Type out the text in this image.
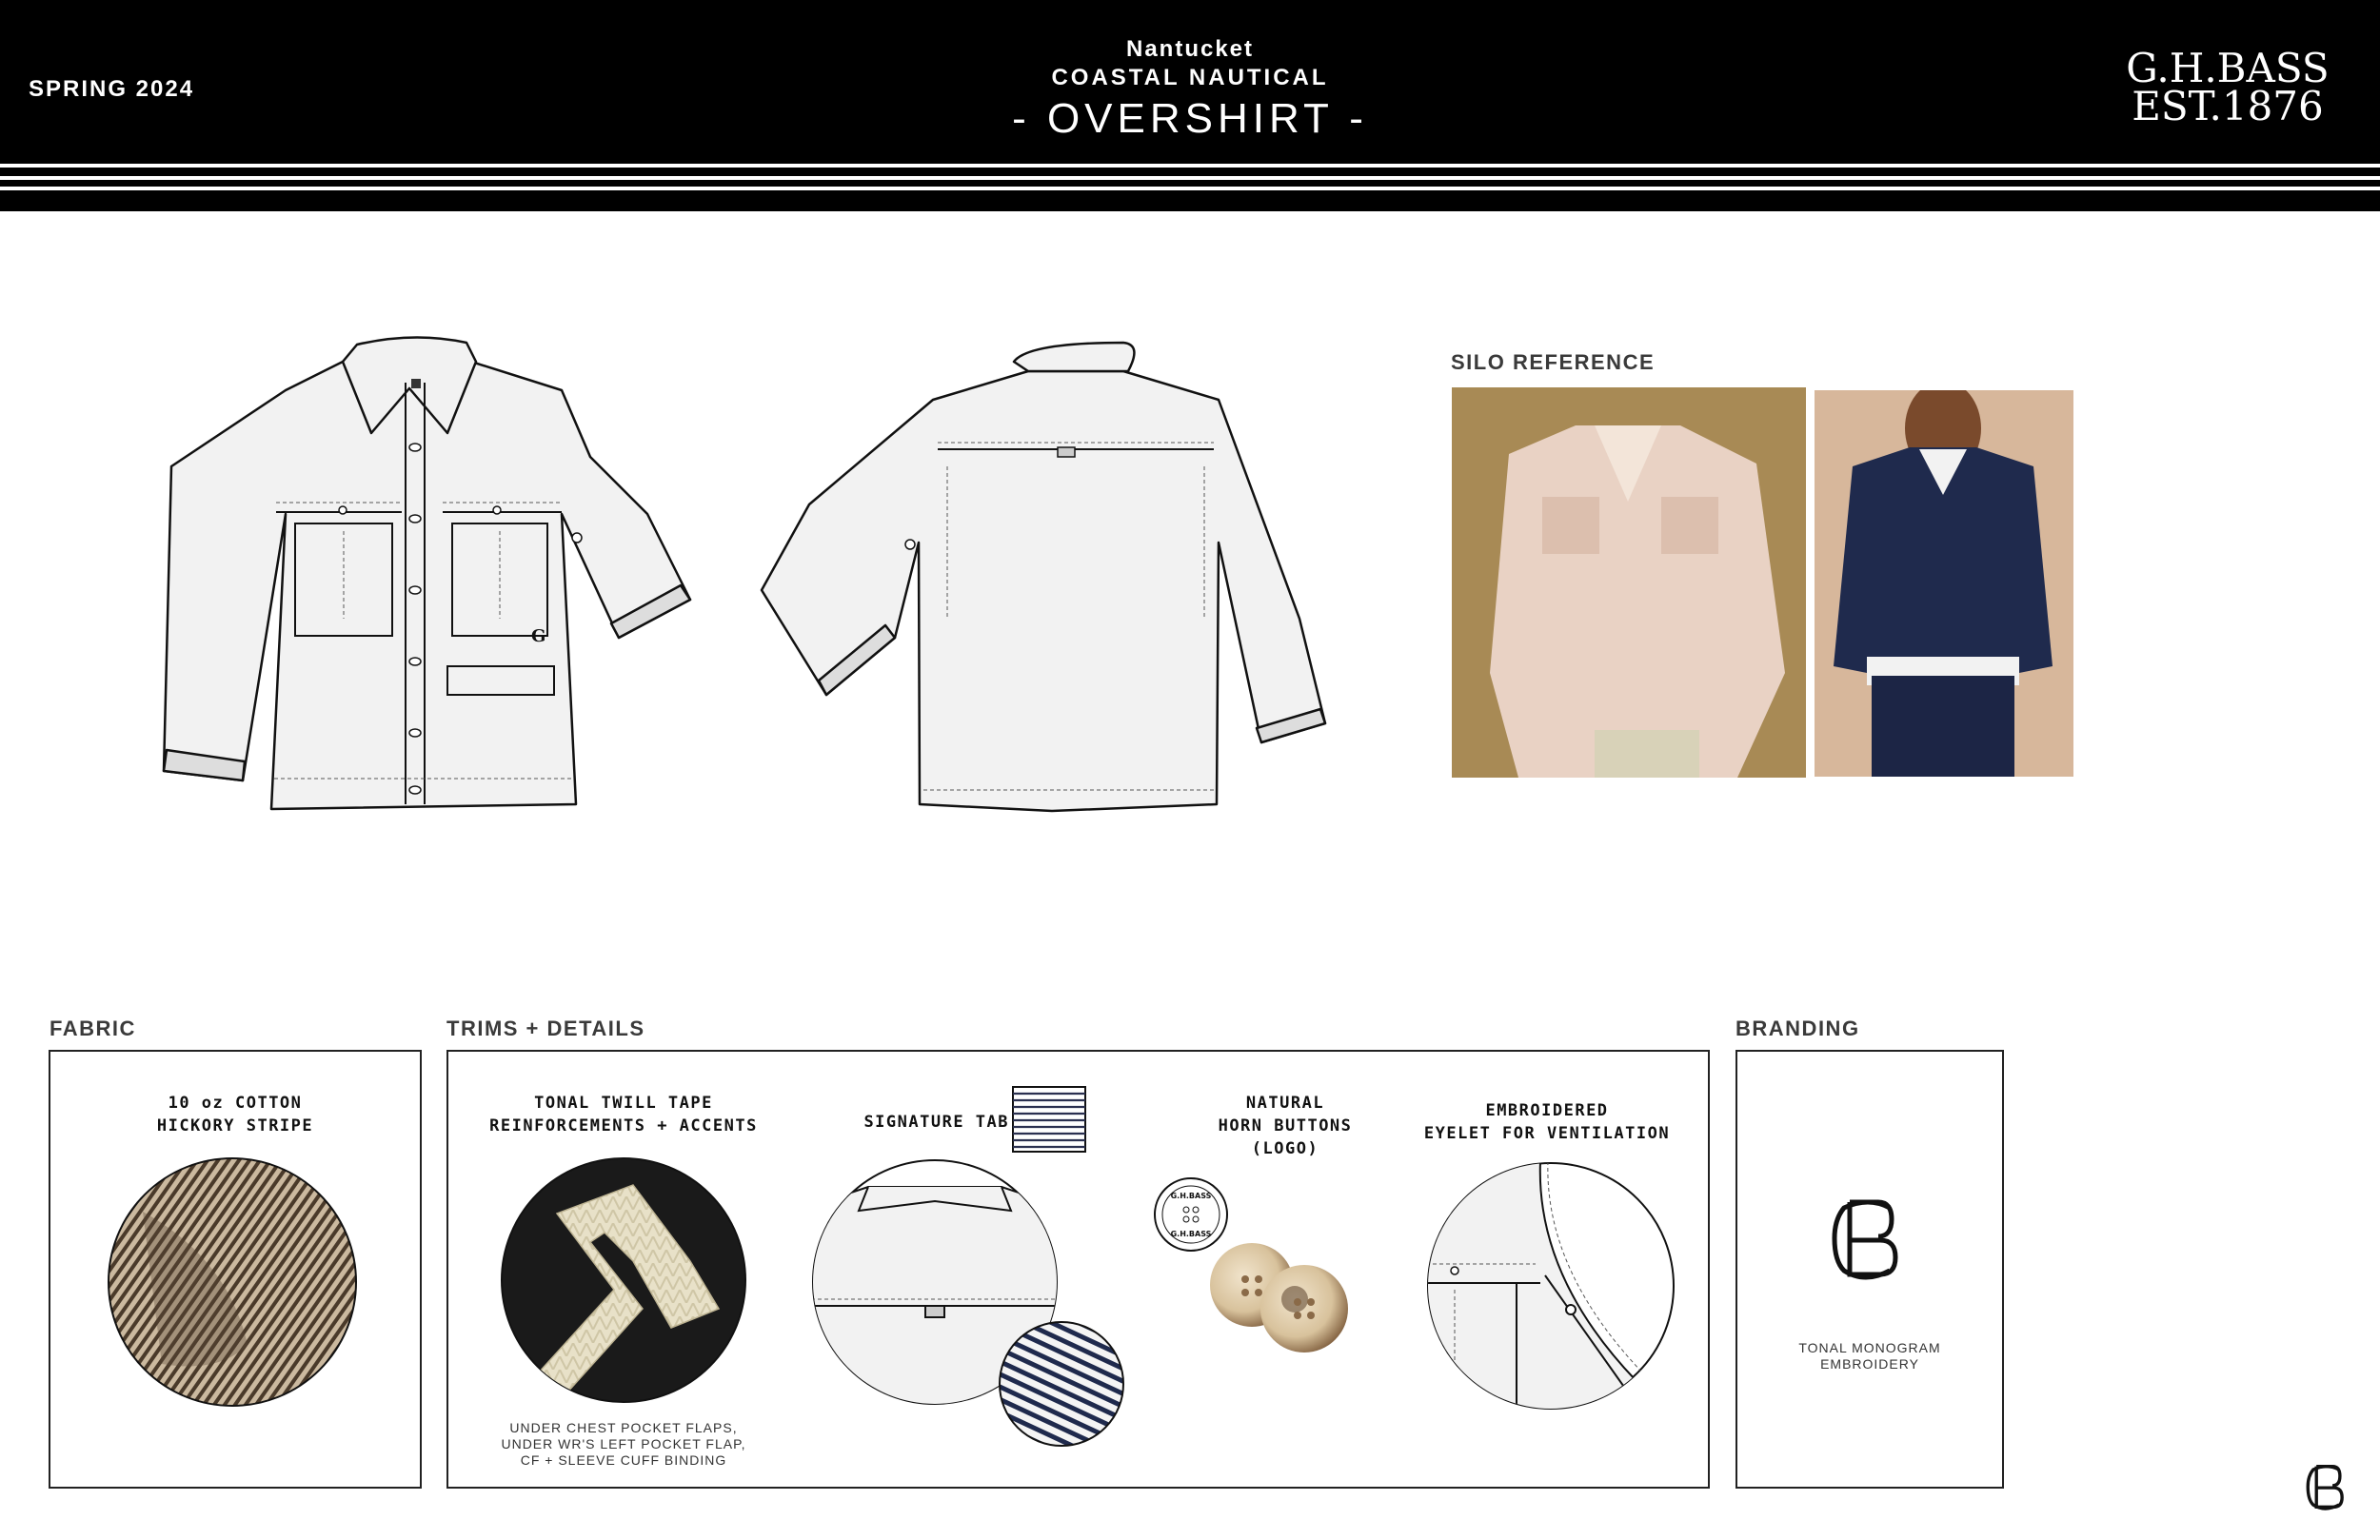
SPRING 2024
Nantucket
COASTAL NAUTICAL
- OVERSHIRT -
G.H.BASS
EST.1876
G
SILO REFERENCE
FABRIC
10 oz COTTON
HICKORY STRIPE
TRIMS + DETAILS
TONAL TWILL TAPE
REINFORCEMENTS + ACCENTS
UNDER CHEST POCKET FLAPS,
UNDER WR'S LEFT POCKET FLAP,
CF + SLEEVE CUFF BINDING
SIGNATURE TAB
NATURAL
HORN BUTTONS
(LOGO)
G.H.BASS
G.H.BASS
EMBROIDERED
EYELET FOR VENTILATION
BRANDING
TONAL MONOGRAM
EMBROIDERY
